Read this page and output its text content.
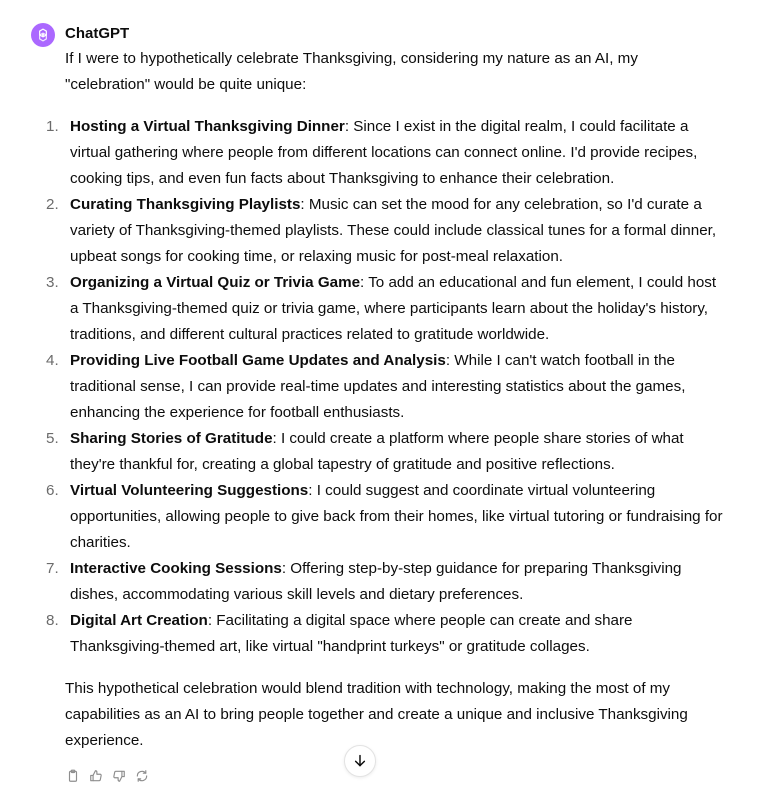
ChatGPT

If I were to hypothetically celebrate Thanksgiving, considering my nature as an AI, my "celebration" would be quite unique:

1. Hosting a Virtual Thanksgiving Dinner: Since I exist in the digital realm, I could facilitate a virtual gathering where people from different locations can connect online. I'd provide recipes, cooking tips, and even fun facts about Thanksgiving to enhance their celebration.
2. Curating Thanksgiving Playlists: Music can set the mood for any celebration, so I'd curate a variety of Thanksgiving-themed playlists. These could include classical tunes for a formal dinner, upbeat songs for cooking time, or relaxing music for post-meal relaxation.
3. Organizing a Virtual Quiz or Trivia Game: To add an educational and fun element, I could host a Thanksgiving-themed quiz or trivia game, where participants learn about the holiday's history, traditions, and different cultural practices related to gratitude worldwide.
4. Providing Live Football Game Updates and Analysis: While I can't watch football in the traditional sense, I can provide real-time updates and interesting statistics about the games, enhancing the experience for football enthusiasts.
5. Sharing Stories of Gratitude: I could create a platform where people share stories of what they're thankful for, creating a global tapestry of gratitude and positive reflections.
6. Virtual Volunteering Suggestions: I could suggest and coordinate virtual volunteering opportunities, allowing people to give back from their homes, like virtual tutoring or fundraising for charities.
7. Interactive Cooking Sessions: Offering step-by-step guidance for preparing Thanksgiving dishes, accommodating various skill levels and dietary preferences.
8. Digital Art Creation: Facilitating a digital space where people can create and share Thanksgiving-themed art, like virtual "handprint turkeys" or gratitude collages.

This hypothetical celebration would blend tradition with technology, making the most of my capabilities as an AI to bring people together and create a unique and inclusive Thanksgiving experience.
